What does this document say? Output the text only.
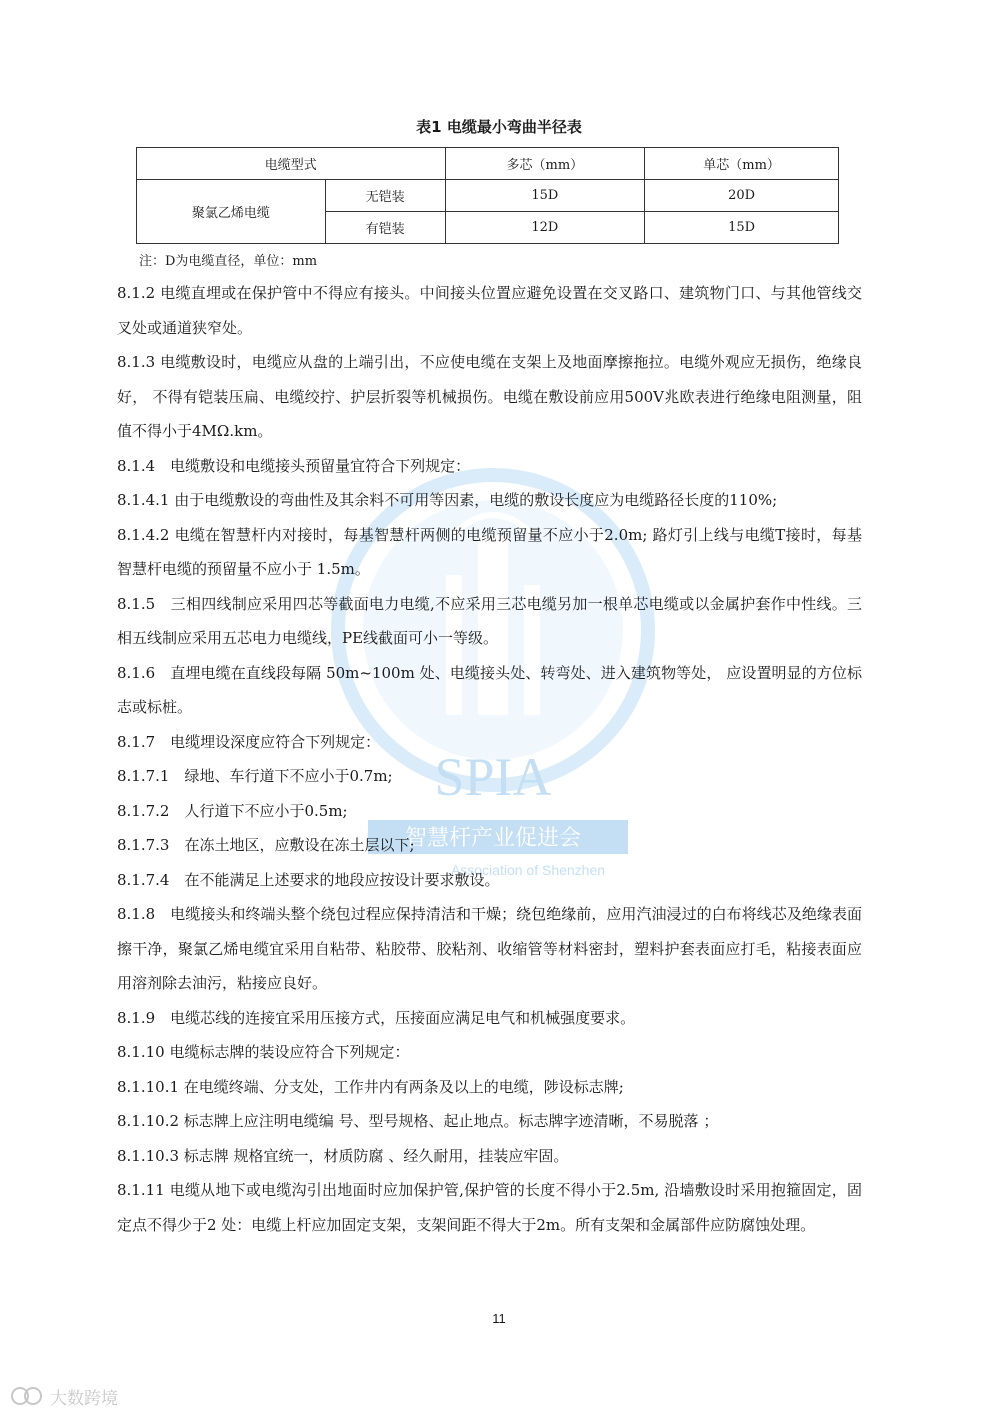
SPIA
智慧杆产业促进会
Association of Shenzhen
表1 电缆最小弯曲半径表
电缆型式		多芯（mm）	单芯（mm）
聚氯乙烯电缆	无铠装	15D	20D
	有铠装	12D	15D
注：D为电缆直径，单位：mm

8.1.2 电缆直埋或在保护管中不得应有接头。中间接头位置应避免设置在交叉路口、建筑物门口、与其他管线交叉处或通道狭窄处。

8.1.3 电缆敷设时，电缆应从盘的上端引出，不应使电缆在支架上及地面摩擦拖拉。电缆外观应无损伤，绝缘良好， 不得有铠装压扁、电缆绞拧、护层折裂等机械损伤。电缆在敷设前应用500V兆欧表进行绝缘电阻测量，阻值不得小于4MΩ.km。

8.1.4　电缆敷设和电缆接头预留量宜符合下列规定：

8.1.4.1 由于电缆敷设的弯曲性及其余料不可用等因素，电缆的敷设长度应为电缆路径长度的110%;

8.1.4.2 电缆在智慧杆内对接时，每基智慧杆两侧的电缆预留量不应小于2.0m; 路灯引上线与电缆T接时，每基智慧杆电缆的预留量不应小于 1.5m。

8.1.5　三相四线制应采用四芯等截面电力电缆,不应采用三芯电缆另加一根单芯电缆或以金属护套作中性线。三相五线制应采用五芯电力电缆线，PE线截面可小一等级。

8.1.6　直埋电缆在直线段每隔 50m~100m 处、电缆接头处、转弯处、进入建筑物等处， 应设置明显的方位标志或标桩。

8.1.7　电缆埋设深度应符合下列规定：

8.1.7.1　绿地、车行道下不应小于0.7m;

8.1.7.2　人行道下不应小于0.5m;

8.1.7.3　在冻土地区，应敷设在冻土层以下;

8.1.7.4　在不能满足上述要求的地段应按设计要求敷设。

8.1.8　电缆接头和终端头整个绕包过程应保持清洁和干燥；绕包绝缘前，应用汽油浸过的白布将线芯及绝缘表面擦干净，聚氯乙烯电缆宜采用自粘带、粘胶带、胶粘剂、收缩管等材料密封，塑料护套表面应打毛，粘接表面应用溶剂除去油污，粘接应良好。

8.1.9　电缆芯线的连接宜采用压接方式，压接面应满足电气和机械强度要求。

8.1.10 电缆标志牌的装设应符合下列规定：

8.1.10.1 在电缆终端、分支处，工作井内有两条及以上的电缆，陟设标志牌;

8.1.10.2 标志牌上应注明电缆编 号、型号规格、起止地点。标志牌字迹清晰，不易脱落 ；

8.1.10.3 标志牌 规格宜统一，材质防腐 、经久耐用，挂装应牢固。

8.1.11 电缆从地下或电缆沟引出地面时应加保护管,保护管的长度不得小于2.5m, 沿墙敷设时采用抱箍固定，固定点不得少于2 处：电缆上杆应加固定支架，支架间距不得大于2m。所有支架和金属部件应防腐蚀处理。

11
大数跨境
